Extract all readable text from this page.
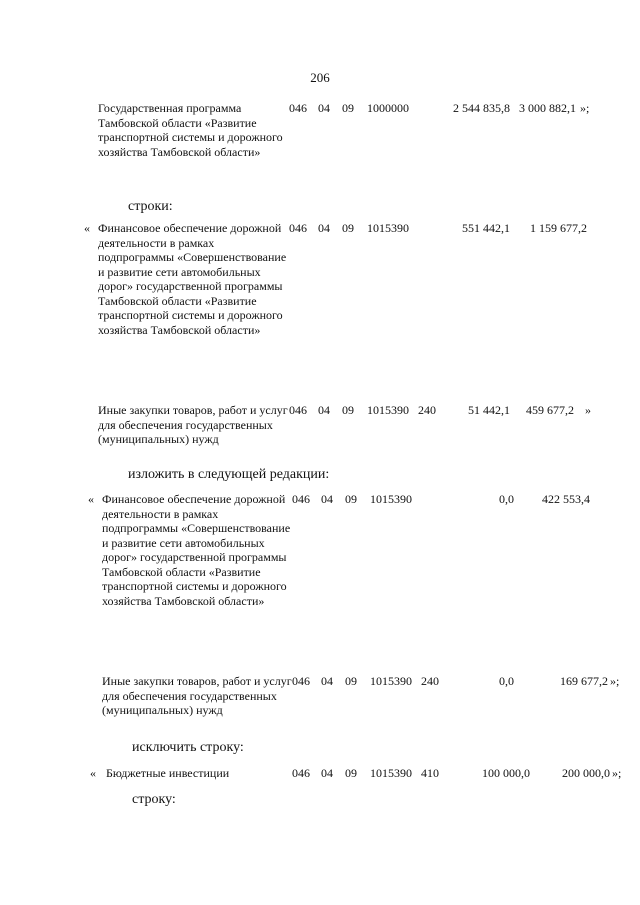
206
Государственная программа Тамбовской области «Развитие транспортной системы и дорожного хозяйства Тамбовской области»
046 04 09 1000000	2 544 835,8 3 000 882,1 »;
строки:
« Финансовое обеспечение дорожной деятельности в рамках подпрограммы «Совершенствование и развитие сети автомобильных дорог» государственной программы Тамбовской области «Развитие транспортной системы и дорожного хозяйства Тамбовской области»
046 04 09 1015390	551 442,1 1 159 677,2
Иные закупки товаров, работ и услуг для обеспечения государственных (муниципальных) нужд
046 04 09 1015390 240	51 442,1 459 677,2 »
изложить в следующей редакции:
« Финансовое обеспечение дорожной деятельности в рамках подпрограммы «Совершенствование и развитие сети автомобильных дорог» государственной программы Тамбовской области «Развитие транспортной системы и дорожного хозяйства Тамбовской области»
046 04 09 1015390	0,0 422 553,4
Иные закупки товаров, работ и услуг для обеспечения государственных (муниципальных) нужд
046 04 09 1015390 240	0,0	169 677,2 »;
исключить строку:
« Бюджетные инвестиции	046 04 09 1015390 410	100 000,0	200 000,0 »;
строку:
